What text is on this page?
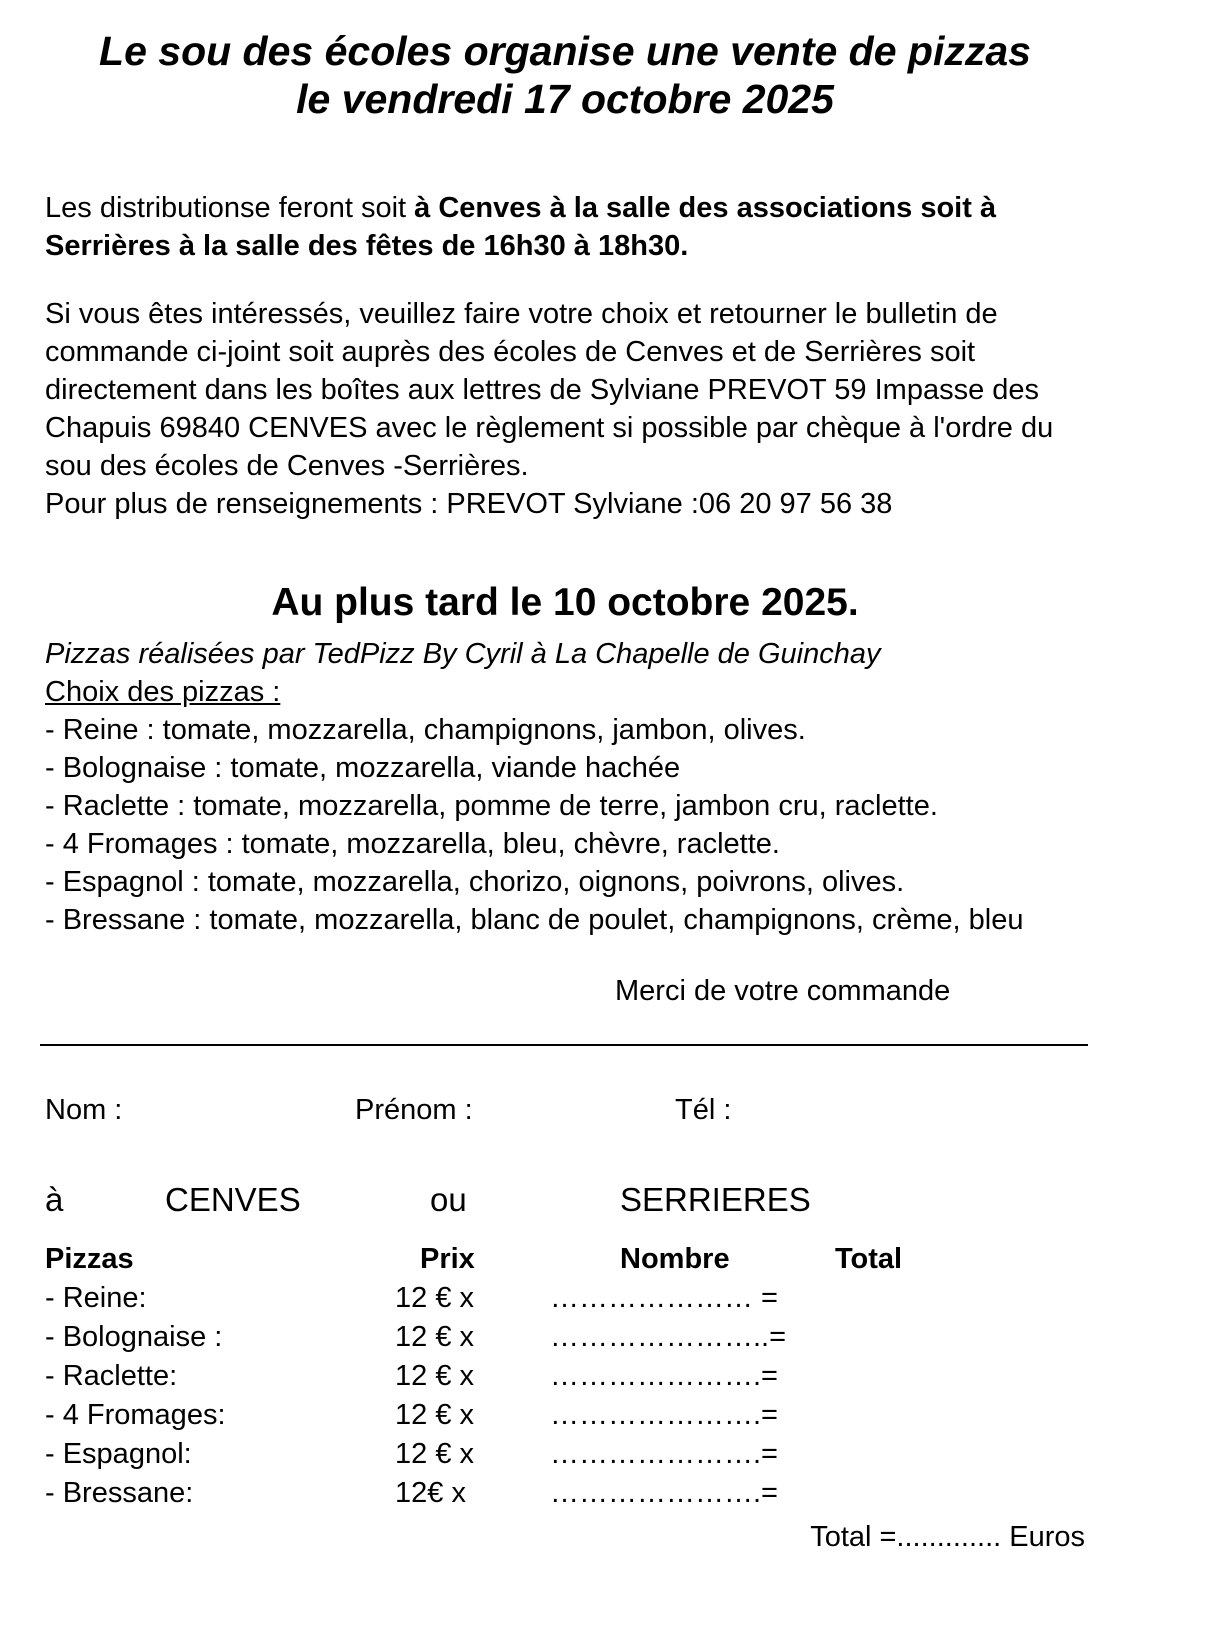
Le sou des écoles organise une vente de pizzas
le vendredi 17 octobre 2025

Les distributionse feront soit à Cenves à la salle des associations soit à Serrières à la salle des fêtes de 16h30 à 18h30.

Si vous êtes intéressés, veuillez faire votre choix et retourner le bulletin de commande ci-joint soit auprès des écoles de Cenves et de Serrières soit directement dans les boîtes aux lettres de Sylviane PREVOT 59 Impasse des Chapuis 69840 CENVES avec le règlement si possible par chèque à l'ordre du sou des écoles de Cenves -Serrières.
Pour plus de renseignements : PREVOT Sylviane :06 20 97 56 38

Au plus tard le 10 octobre 2025.

Pizzas réalisées par TedPizz By Cyril à La Chapelle de Guinchay

Choix des pizzas :

- Reine : tomate, mozzarella, champignons, jambon, olives.
- Bolognaise : tomate, mozzarella, viande hachée
- Raclette : tomate, mozzarella, pomme de terre, jambon cru, raclette.
- 4 Fromages : tomate, mozzarella, bleu, chèvre, raclette.
- Espagnol : tomate, mozzarella, chorizo, oignons, poivrons, olives.
- Bressane : tomate, mozzarella, blanc de poulet, champignons, crème, bleu

Merci de votre commande

Nom :	Prénom :	Tél :
à	CENVES	ou	SERRIERES
Pizzas	Prix	Nombre	Total
- Reine:	12 € x	………………… =
- Bolognaise :	12 € x	…………………..=
- Raclette:	12 € x	………………….=
- 4 Fromages:	12 € x	………………….=
- Espagnol:	12 € x	………………….=
- Bressane:	12€ x	………………….=

Total =............. Euros
